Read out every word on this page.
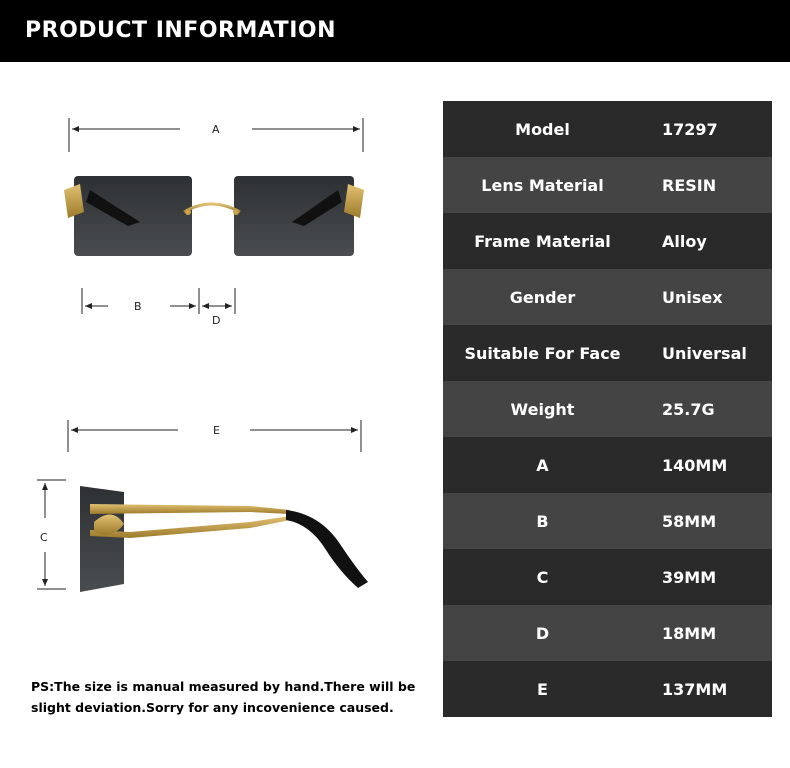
PRODUCT INFORMATION
A
B
D
E
C
Model	17297
Lens Material	RESIN
Frame Material	Alloy
Gender	Unisex
Suitable For Face	Universal
Weight	25.7G
A	140MM
B	58MM
C	39MM
D	18MM
E	137MM
PS:The size is manual measured by hand.There will be slight deviation.Sorry for any incovenience caused.
